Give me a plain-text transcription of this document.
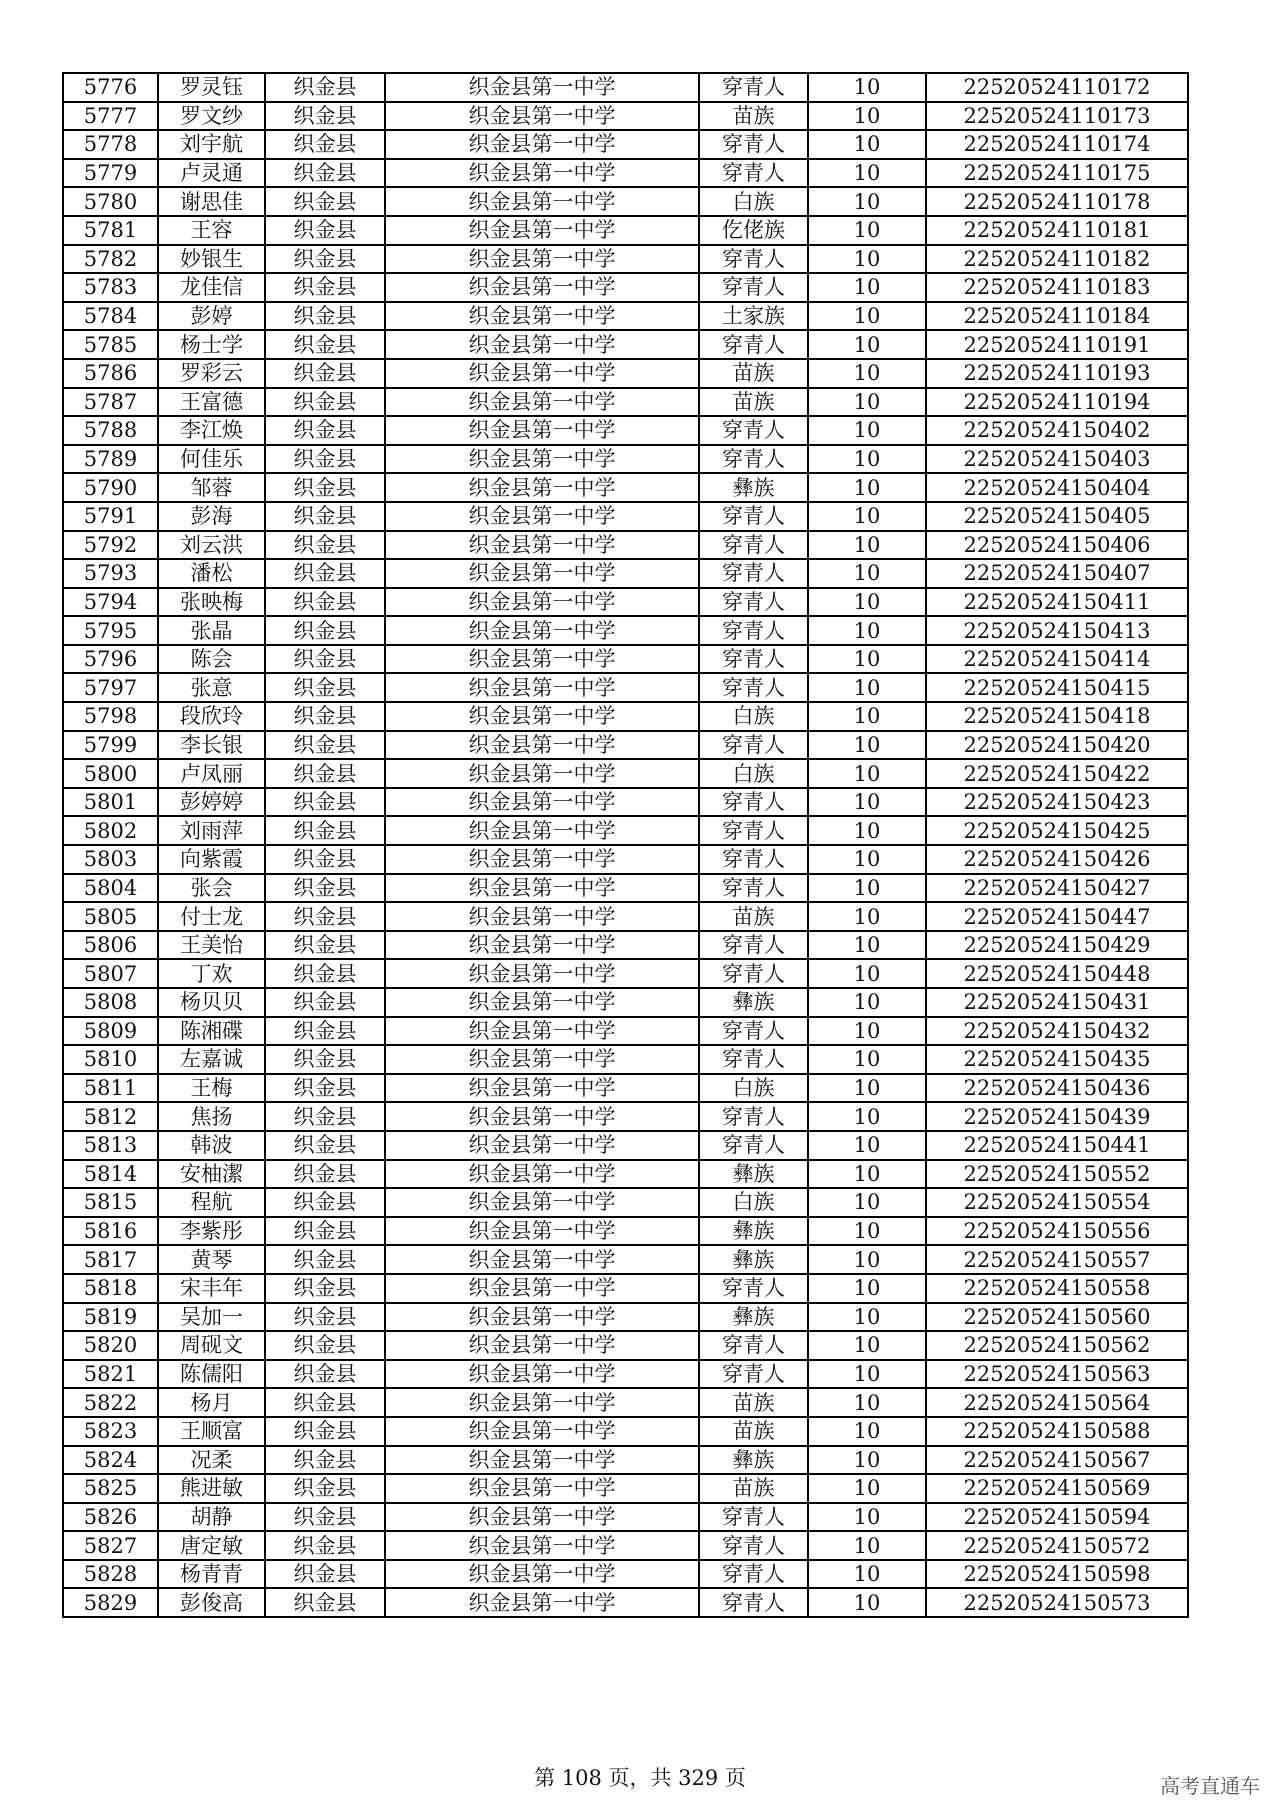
5776	罗灵钰	织金县	织金县第一中学	穿青人	10	22520524110172
5777	罗文纱	织金县	织金县第一中学	苗族	10	22520524110173
5778	刘宇航	织金县	织金县第一中学	穿青人	10	22520524110174
5779	卢灵通	织金县	织金县第一中学	穿青人	10	22520524110175
5780	谢思佳	织金县	织金县第一中学	白族	10	22520524110178
5781	王容	织金县	织金县第一中学	仡佬族	10	22520524110181
5782	妙银生	织金县	织金县第一中学	穿青人	10	22520524110182
5783	龙佳信	织金县	织金县第一中学	穿青人	10	22520524110183
5784	彭婷	织金县	织金县第一中学	土家族	10	22520524110184
5785	杨士学	织金县	织金县第一中学	穿青人	10	22520524110191
5786	罗彩云	织金县	织金县第一中学	苗族	10	22520524110193
5787	王富德	织金县	织金县第一中学	苗族	10	22520524110194
5788	李江焕	织金县	织金县第一中学	穿青人	10	22520524150402
5789	何佳乐	织金县	织金县第一中学	穿青人	10	22520524150403
5790	邹蓉	织金县	织金县第一中学	彝族	10	22520524150404
5791	彭海	织金县	织金县第一中学	穿青人	10	22520524150405
5792	刘云洪	织金县	织金县第一中学	穿青人	10	22520524150406
5793	潘松	织金县	织金县第一中学	穿青人	10	22520524150407
5794	张映梅	织金县	织金县第一中学	穿青人	10	22520524150411
5795	张晶	织金县	织金县第一中学	穿青人	10	22520524150413
5796	陈会	织金县	织金县第一中学	穿青人	10	22520524150414
5797	张意	织金县	织金县第一中学	穿青人	10	22520524150415
5798	段欣玲	织金县	织金县第一中学	白族	10	22520524150418
5799	李长银	织金县	织金县第一中学	穿青人	10	22520524150420
5800	卢凤丽	织金县	织金县第一中学	白族	10	22520524150422
5801	彭婷婷	织金县	织金县第一中学	穿青人	10	22520524150423
5802	刘雨萍	织金县	织金县第一中学	穿青人	10	22520524150425
5803	向紫霞	织金县	织金县第一中学	穿青人	10	22520524150426
5804	张会	织金县	织金县第一中学	穿青人	10	22520524150427
5805	付士龙	织金县	织金县第一中学	苗族	10	22520524150447
5806	王美怡	织金县	织金县第一中学	穿青人	10	22520524150429
5807	丁欢	织金县	织金县第一中学	穿青人	10	22520524150448
5808	杨贝贝	织金县	织金县第一中学	彝族	10	22520524150431
5809	陈湘碟	织金县	织金县第一中学	穿青人	10	22520524150432
5810	左嘉诚	织金县	织金县第一中学	穿青人	10	22520524150435
5811	王梅	织金县	织金县第一中学	白族	10	22520524150436
5812	焦扬	织金县	织金县第一中学	穿青人	10	22520524150439
5813	韩波	织金县	织金县第一中学	穿青人	10	22520524150441
5814	安柚潔	织金县	织金县第一中学	彝族	10	22520524150552
5815	程航	织金县	织金县第一中学	白族	10	22520524150554
5816	李紫彤	织金县	织金县第一中学	彝族	10	22520524150556
5817	黄琴	织金县	织金县第一中学	彝族	10	22520524150557
5818	宋丰年	织金县	织金县第一中学	穿青人	10	22520524150558
5819	吴加一	织金县	织金县第一中学	彝族	10	22520524150560
5820	周砚文	织金县	织金县第一中学	穿青人	10	22520524150562
5821	陈儒阳	织金县	织金县第一中学	穿青人	10	22520524150563
5822	杨月	织金县	织金县第一中学	苗族	10	22520524150564
5823	王顺富	织金县	织金县第一中学	苗族	10	22520524150588
5824	况柔	织金县	织金县第一中学	彝族	10	22520524150567
5825	熊进敏	织金县	织金县第一中学	苗族	10	22520524150569
5826	胡静	织金县	织金县第一中学	穿青人	10	22520524150594
5827	唐定敏	织金县	织金县第一中学	穿青人	10	22520524150572
5828	杨青青	织金县	织金县第一中学	穿青人	10	22520524150598
5829	彭俊高	织金县	织金县第一中学	穿青人	10	22520524150573
第 108 页，共 329 页	高考直通车
